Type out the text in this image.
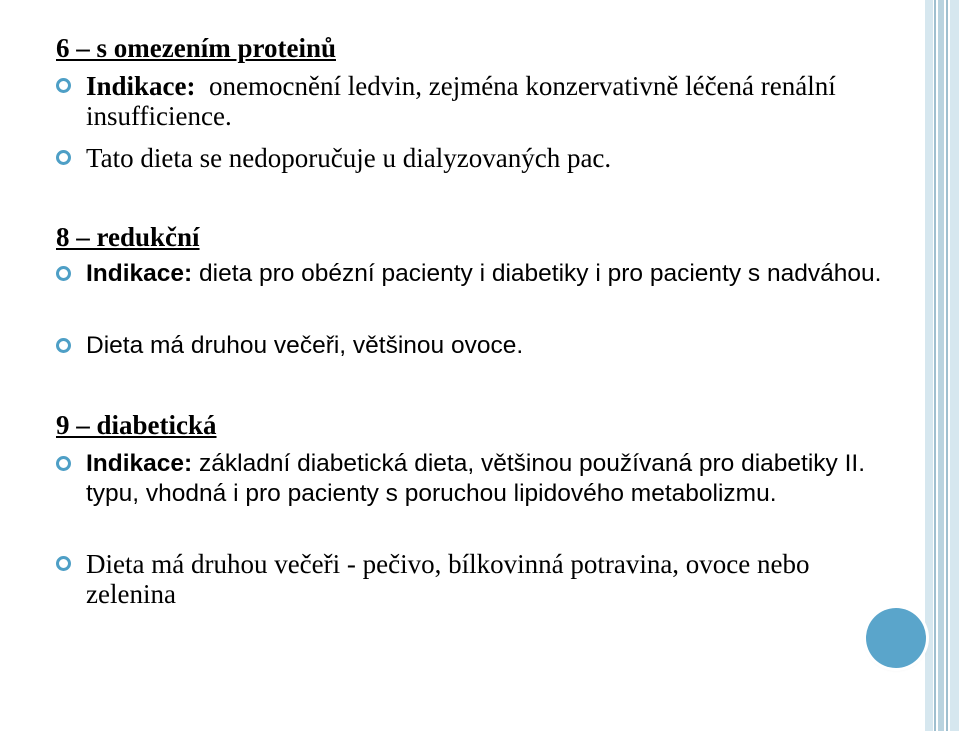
6 – s omezením proteinů

Indikace: onemocnění ledvin, zejména konzervativně léčená renální insufficience.

Tato dieta se nedoporučuje u dialyzovaných pac.

8 – redukční

Indikace: dieta pro obézní pacienty i diabetiky i pro pacienty s nadváhou.

Dieta má druhou večeři, většinou ovoce.

9 – diabetická

Indikace: základní diabetická dieta, většinou používaná pro diabetiky II. typu, vhodná i pro pacienty s poruchou lipidového metabolizmu.

Dieta má druhou večeři - pečivo, bílkovinná potravina, ovoce nebo zelenina
